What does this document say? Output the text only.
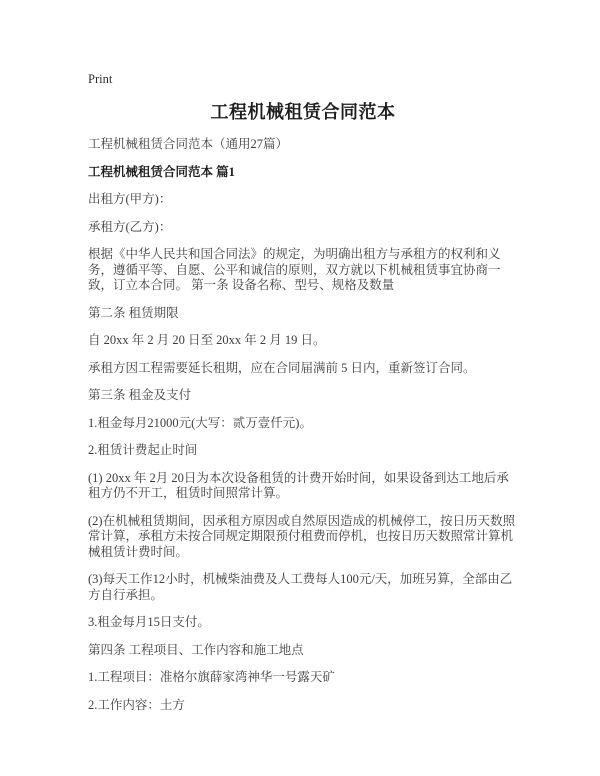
Print
工程机械租赁合同范本

工程机械租赁合同范本（通用27篇）

工程机械租赁合同范本 篇1

出租方(甲方)：

承租方(乙方)：

根据《中华人民共和国合同法》的规定，为明确出租方与承租方的权利和义务，遵循平等、自愿、公平和诚信的原则，双方就以下机械租赁事宜协商一致，订立本合同。 第一条 设备名称、型号、规格及数量

第二条 租赁期限

自 20xx 年 2 月 20 日至 20xx 年 2 月 19 日。

承租方因工程需要延长租期，应在合同届满前 5 日内，重新签订合同。

第三条 租金及支付

1.租金每月21000元(大写：贰万壹仟元)。

2.租赁计费起止时间

(1) 20xx 年 2月 20日为本次设备租赁的计费开始时间，如果设备到达工地后承租方仍不开工，租赁时间照常计算。

(2)在机械租赁期间，因承租方原因或自然原因造成的机械停工，按日历天数照常计算，承租方未按合同规定期限预付租费而停机，也按日历天数照常计算机械租赁计费时间。

(3)每天工作12小时，机械柴油费及人工费每人100元/天，加班另算，全部由乙方自行承担。

3.租金每月15日支付。

第四条 工程项目、工作内容和施工地点

1.工程项目：准格尔旗薛家湾神华一号露天矿

2.工作内容：土方
